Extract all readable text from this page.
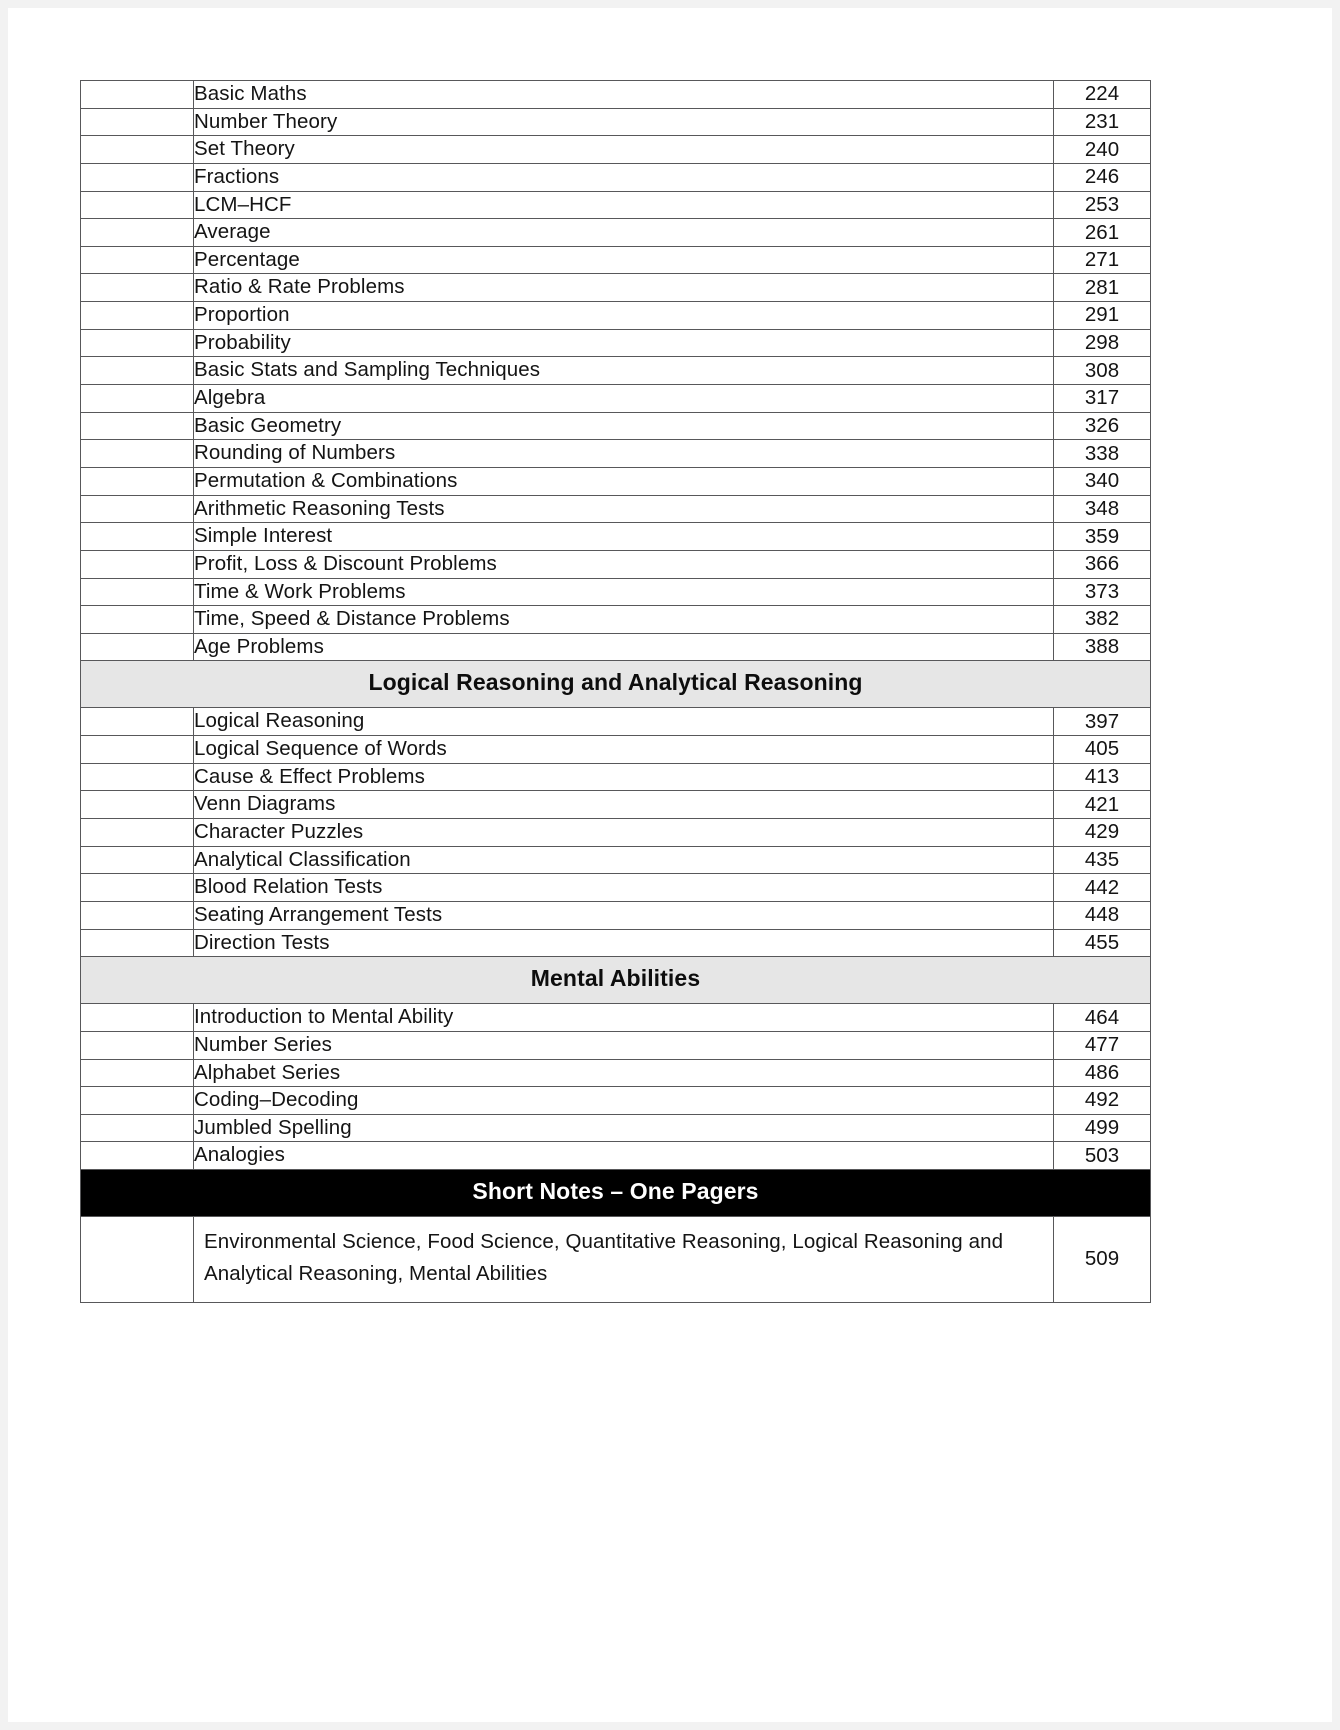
	Basic Maths	224
	Number Theory	231
	Set Theory	240
	Fractions	246
	LCM–HCF	253
	Average	261
	Percentage	271
	Ratio & Rate Problems	281
	Proportion	291
	Probability	298
	Basic Stats and Sampling Techniques	308
	Algebra	317
	Basic Geometry	326
	Rounding of Numbers	338
	Permutation & Combinations	340
	Arithmetic Reasoning Tests	348
	Simple Interest	359
	Profit, Loss & Discount Problems	366
	Time & Work Problems	373
	Time, Speed & Distance Problems	382
	Age Problems	388
Logical Reasoning and Analytical Reasoning		
	Logical Reasoning	397
	Logical Sequence of Words	405
	Cause & Effect Problems	413
	Venn Diagrams	421
	Character Puzzles	429
	Analytical Classification	435
	Blood Relation Tests	442
	Seating Arrangement Tests	448
	Direction Tests	455
Mental Abilities		
	Introduction to Mental Ability	464
	Number Series	477
	Alphabet Series	486
	Coding–Decoding	492
	Jumbled Spelling	499
	Analogies	503
Short Notes – One Pagers		
	Environmental Science, Food Science, Quantitative Reasoning, Logical Reasoning and Analytical Reasoning, Mental Abilities	509
